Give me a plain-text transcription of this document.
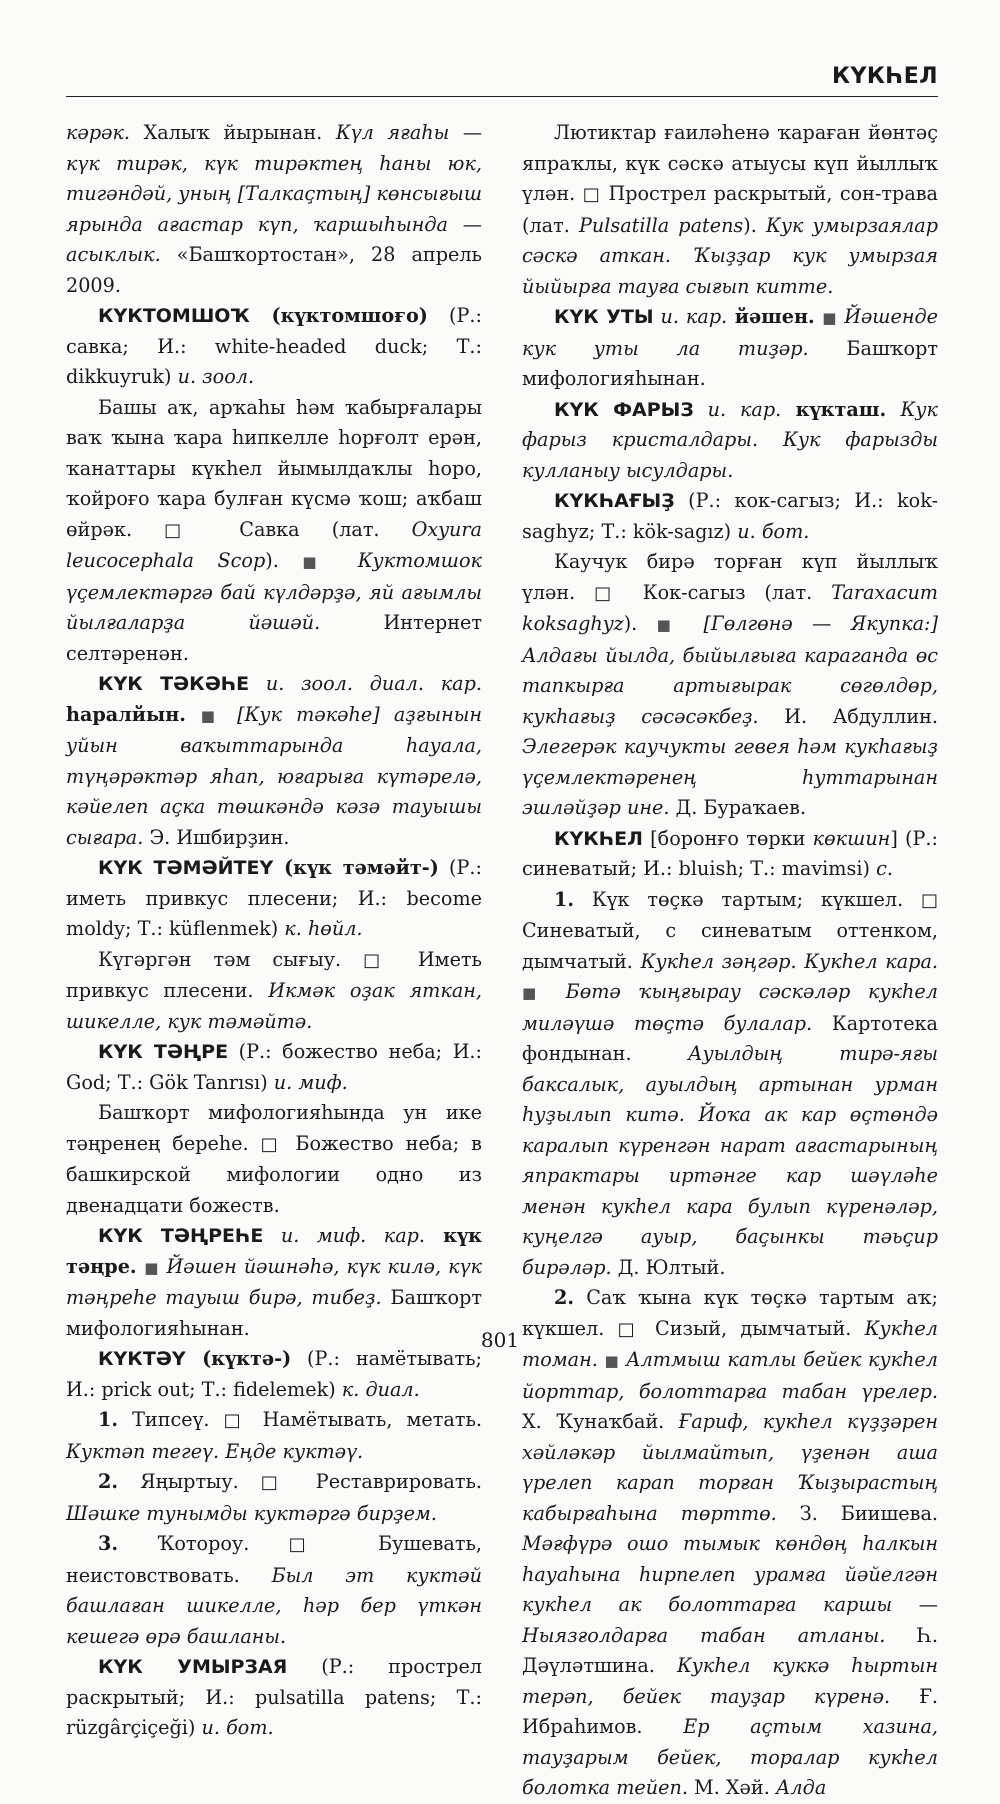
КҮКҺЕЛ

кәрәк. Халыҡ йырынан. Күл яғаһы — күк тирәк, күк тирәктең һаны юк, тигәндәй, уның [Талкаҫтың] көнсығыш ярында ағастар күп, ҡаршыһында — асыклык. «Башҡортостан», 28 апрель 2009.

КҮКТОМШОҠ (күктомшоғо) (Р.: савка; И.: white-headed duck; Т.: dikkuyruk) и. зоол.

Башы аҡ, арҡаһы һәм ҡабырғалары ваҡ ҡына ҡара һипкелле һорғолт ерән, ҡанаттары күкһел йымылдаҡлы һоро, ҡойроғо ҡара булған күсмә ҡош; аҡбаш өйрәк. □ Савка (лат. Oxyura leucocephala Scop). ■ Куктомшок үҫемлектәргә бай күлдәрҙә, яй ағымлы йылғаларҙа йәшәй. Интернет селтәренән.

КҮК ТӘКӘҺЕ и. зоол. диал. кар. һаралйын. ■ [Кук тәкәһе] аҙғынын уйын ваҡыттарында һауала, түңәрәктәр яһап, юғарыға күтәрелә, кәйелеп аҫка төшкәндә кәзә тауышы сығара. Э. Ишбирҙин.

КҮК ТӘМӘЙТЕҮ (күк тәмәйт-) (Р.: иметь привкус плесени; И.: become moldy; Т.: küflenmek) к. һөйл.

Күгәргән тәм сығыу. □ Иметь привкус плесени. Икмәк оҙак яткан, шикелле, кук тәмәйтә.

КҮК ТӘҢРЕ (Р.: божество неба; И.: God; Т.: Gök Tanrısı) и. миф.

Башҡорт мифологияһында ун ике тәңренең береһе. □ Божество неба; в башкирской мифологии одно из двенадцати божеств.

КҮК ТӘҢРЕҺЕ и. миф. кар. күк тәңре. ■ Йәшен йәшнәһә, күк килә, күк тәңреһе тауыш бирә, тибеҙ. Башҡорт мифологияһынан.

КҮКТӘҮ (күктә-) (Р.: намётывать; И.: prick out; Т.: fidelemek) к. диал.

1. Типсеү. □ Намётывать, метать. Куктәп тегеү. Еңде куктәү.

2. Яңыртыу. □ Реставрировать. Шәшке тунымды куктәргә бирҙем.

3. Ҡотороу. □ Бушевать, неистовствовать. Был эт куктәй башлаған шикелле, һәр бер үткән кешегә өрә башланы.

КҮК УМЫРЗАЯ (Р.: прострел раскрытый; И.: pulsatilla patens; Т.: rüzgârçiçeği) и. бот.

Лютиктар ғаиләһенә ҡараған йөнтәҫ япраҡлы, күк сәскә атыусы күп йыллыҡ үлән. □ Прострел раскрытый, сон-трава (лат. Pulsatilla patens). Кук умырзаялар сәскә аткан. Ҡыҙҙар кук умырзая йыйырға тауға сығып китте.

КҮК УТЫ и. кар. йәшен. ■ Йәшенде кук уты ла тиҙәр. Башҡорт мифологияһынан.

КҮК ФАРЫЗ и. кар. күкташ. Кук фарыз кристалдары. Кук фарызды кулланыу ысулдары.

КҮКҺАҒЫҘ (Р.: кок-сагыз; И.: kok-saghyz; Т.: kök-sagız) и. бот.

Каучук бирә торған күп йыллыҡ үлән. □ Кок-сагыз (лат. Taraxacum koksaghyz). ■ [Гөлгөнә — Якупка:] Алдағы йылда, быйылғыға караганда өс тапкырға артығырак сөгөлдөр, кукһағыҙ сәсәсәкбеҙ. И. Абдуллин. Элегерәк каучукты гевея һәм кукһағыҙ үҫемлектәренең һуттарынан эшләйҙәр ине. Д. Бураҡаев.

КҮКҺЕЛ [боронғо төрки көкшин] (Р.: синеватый; И.: bluish; Т.: mavimsi) с.

1. Күк төҫкә тартым; күкшел. □ Синеватый, с синеватым оттенком, дымчатый. Кукһел зәңгәр. Кукһел кара. ■ Бөтә ҡыңғырау сәскәләр кукһел миләүшә төҫтә булалар. Картотека фондынан. Ауылдың тирә-яғы баксалык, ауылдың артынан урман һуҙылып китә. Йоҡа ак кар өҫтөндә каралып күренгән нарат ағастарының япрактары иртәнге кар шәүләһе менән кукһел кара булып күренәләр, куңелгә ауыр, баҫынкы тәьҫир бирәләр. Д. Юлтый.

2. Саҡ ҡына күк төҫкә тартым аҡ; күкшел. □ Сизый, дымчатый. Кукһел томан. ■ Алтмыш катлы бейек кукһел йорттар, болоттарға табан үрелер. Х. Ҡунаҡбай. Ғариф, кукһел күҙҙәрен хәйләкәр йылмайтып, үҙенән аша үрелеп карап торған Ҡыҙырастың кабырғаһына төрттө. З. Биишева. Мәғфүрә ошо тымык көндөң һалкын һауаһына һирпелеп урамға йәйелгән кукһел ак болоттарға каршы — Ныязғолдарға табан атланы. Һ. Дәүләтшина. Кукһел куккә һыртын терәп, бейек тауҙар күренә. Ғ. Ибраһимов. Ер аҫтым хазина, тауҙарым бейек, торалар кукһел болотка тейеп. М. Хәй. Алда

801
